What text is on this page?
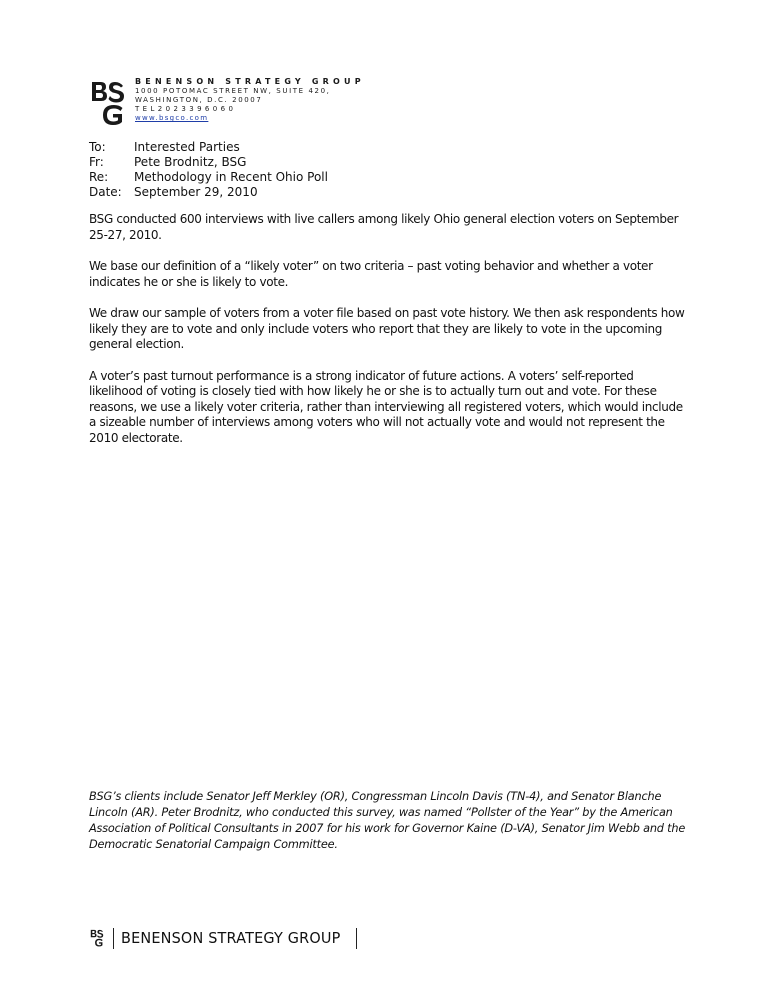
BENENSON STRATEGY GROUP
1000 POTOMAC STREET NW, SUITE 420,
WASHINGTON, D.C. 20007
TEL2023396060
www.bsgco.com
To:	Interested Parties
Fr:	Pete Brodnitz, BSG
Re:	Methodology in Recent Ohio Poll
Date:	September 29, 2010

BSG conducted 600 interviews with live callers among likely Ohio general election voters on September 25-27, 2010.

We base our definition of a “likely voter” on two criteria – past voting behavior and whether a voter indicates he or she is likely to vote.

We draw our sample of voters from a voter file based on past vote history. We then ask respondents how likely they are to vote and only include voters who report that they are likely to vote in the upcoming general election.

A voter’s past turnout performance is a strong indicator of future actions. A voters’ self-reported likelihood of voting is closely tied with how likely he or she is to actually turn out and vote. For these reasons, we use a likely voter criteria, rather than interviewing all registered voters, which would include a sizeable number of interviews among voters who will not actually vote and would not represent the 2010 electorate.

BSG’s clients include Senator Jeff Merkley (OR), Congressman Lincoln Davis (TN-4), and Senator Blanche Lincoln (AR). Peter Brodnitz, who conducted this survey, was named “Pollster of the Year” by the American Association of Political Consultants in 2007 for his work for Governor Kaine (D-VA), Senator Jim Webb and the Democratic Senatorial Campaign Committee.
BENENSON STRATEGY GROUP
